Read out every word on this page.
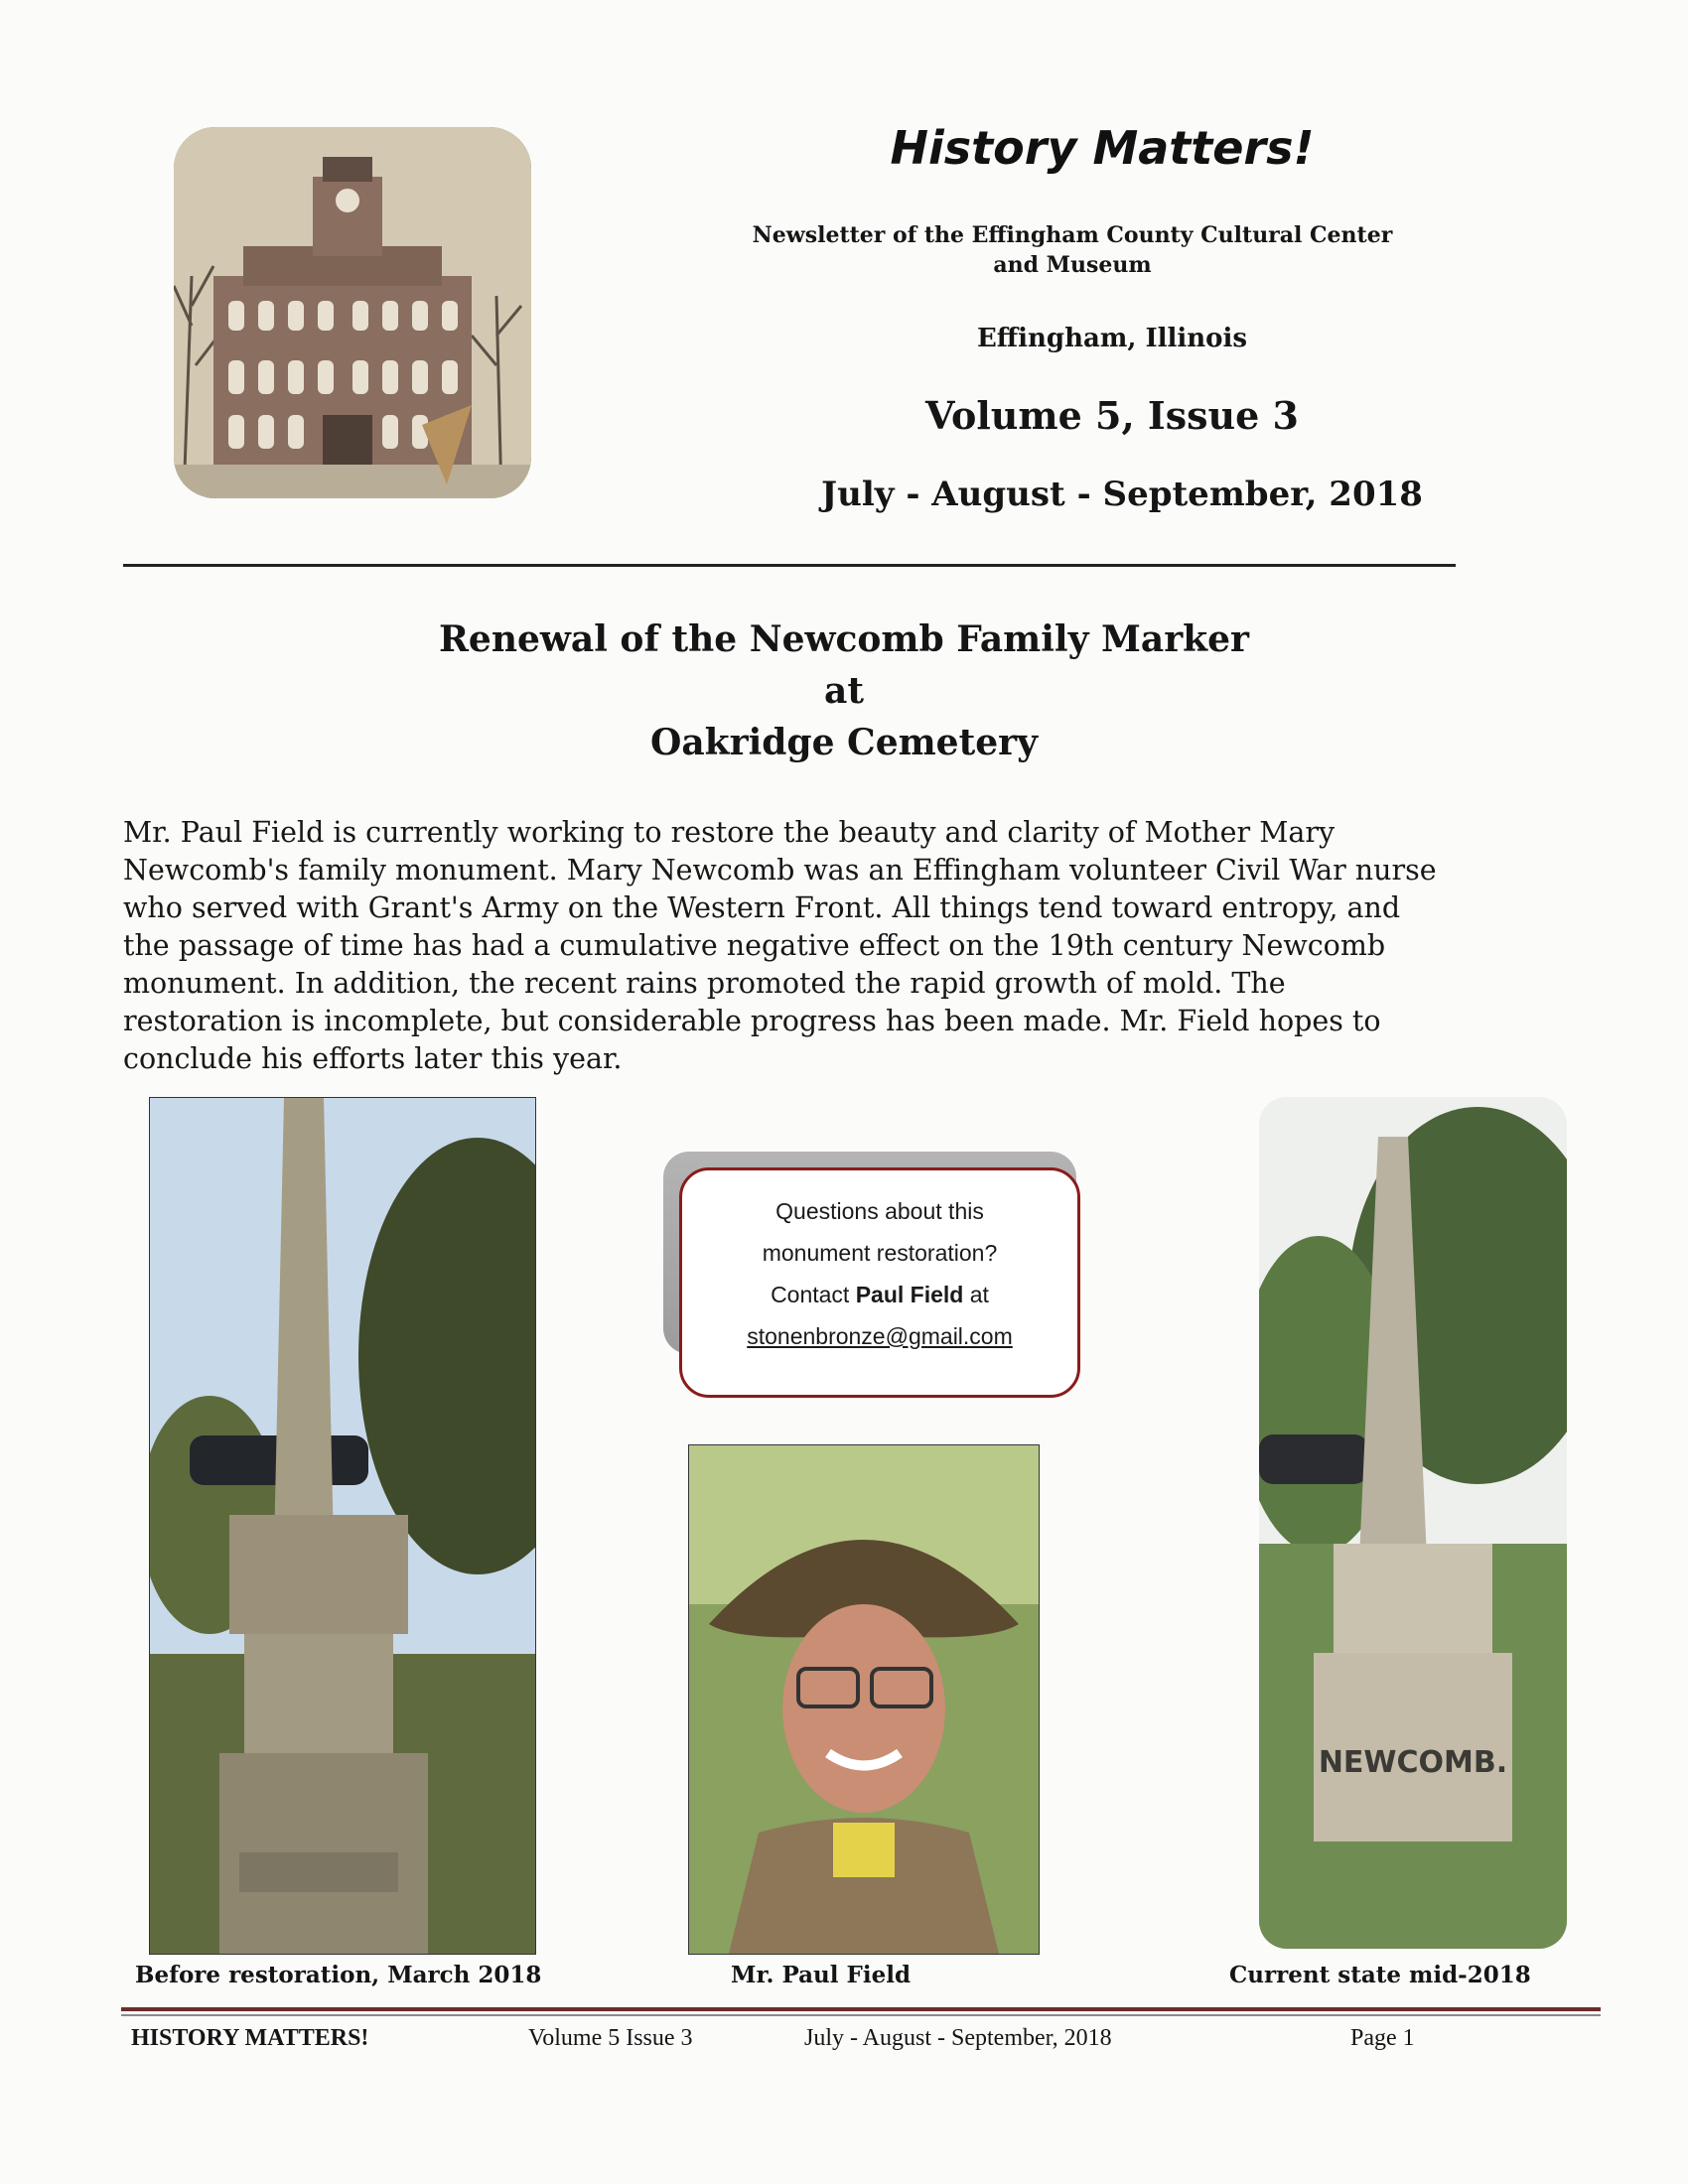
History Matters!
Newsletter of the Effingham County Cultural Center
and Museum
Effingham, Illinois
Volume 5, Issue 3
July - August - September, 2018
Renewal of the Newcomb Family Marker
at
Oakridge Cemetery
Mr. Paul Field is currently working to restore the beauty and clarity of Mother Mary
Newcomb's family monument. Mary Newcomb was an Effingham volunteer Civil War nurse
who served with Grant's Army on the Western Front. All things tend toward entropy, and
the passage of time has had a cumulative negative effect on the 19th century Newcomb
monument. In addition, the recent rains promoted the rapid growth of mold. The
restoration is incomplete, but considerable progress has been made. Mr. Field hopes to
conclude his efforts later this year.
NEWCOMB.
Questions about this
monument restoration?
Contact Paul Field at
stonenbronze@gmail.com
Before restoration, March 2018	Mr. Paul Field	Current state mid-2018
HISTORY MATTERS!	Volume 5 Issue 3	July - August - September, 2018	Page 1
